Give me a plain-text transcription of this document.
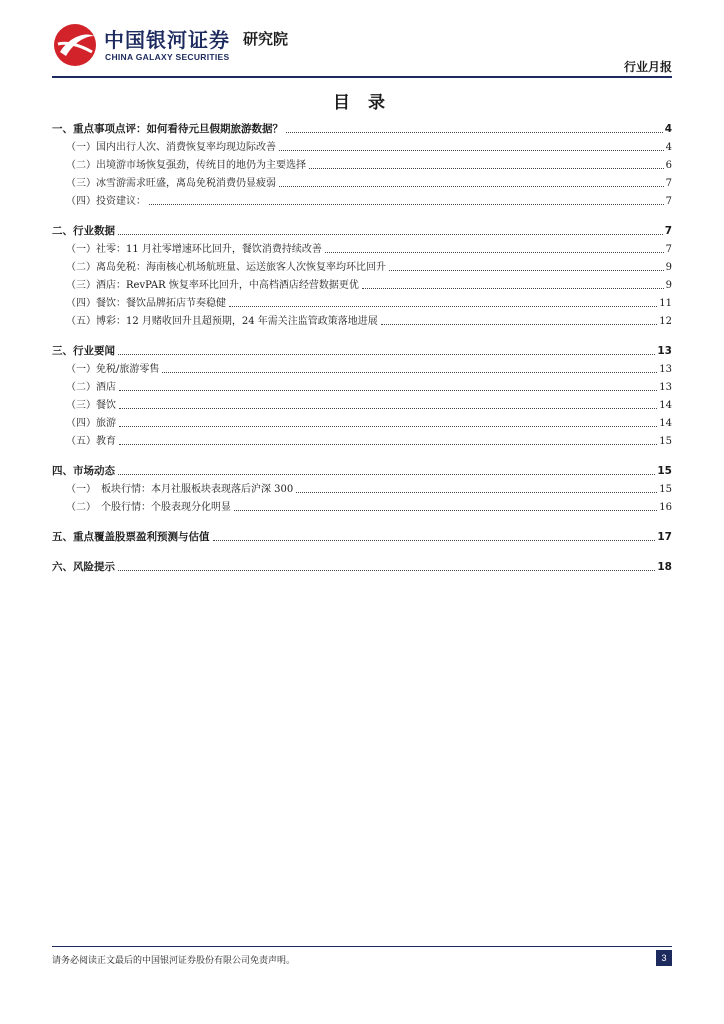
中国银河证券
CHINA GALAXY SECURITIES
研究院
行业月报
目 录
一、重点事项点评：如何看待元旦假期旅游数据？	4
（一）国内出行人次、消费恢复率均现边际改善	4
（二）出境游市场恢复强劲，传统目的地仍为主要选择	6
（三）冰雪游需求旺盛，离岛免税消费仍显疲弱	7
（四）投资建议：	7
二、行业数据	7
（一）社零：11 月社零增速环比回升，餐饮消费持续改善	7
（二）离岛免税：海南核心机场航班量、运送旅客人次恢复率均环比回升	9
（三）酒店：RevPAR 恢复率环比回升，中高档酒店经营数据更优	9
（四）餐饮：餐饮品牌拓店节奏稳健	11
（五）博彩：12 月赌收回升且超预期，24 年需关注监管政策落地进展	12
三、行业要闻	13
（一）免税/旅游零售	13
（二）酒店	13
（三）餐饮	14
（四）旅游	14
（五）教育	15
四、市场动态	15
（一）　板块行情：本月社服板块表现落后沪深 300	15
（二）　个股行情：个股表现分化明显	16
五、重点覆盖股票盈利预测与估值	17
六、风险提示	18
请务必阅读正文最后的中国银河证券股份有限公司免责声明。	3
